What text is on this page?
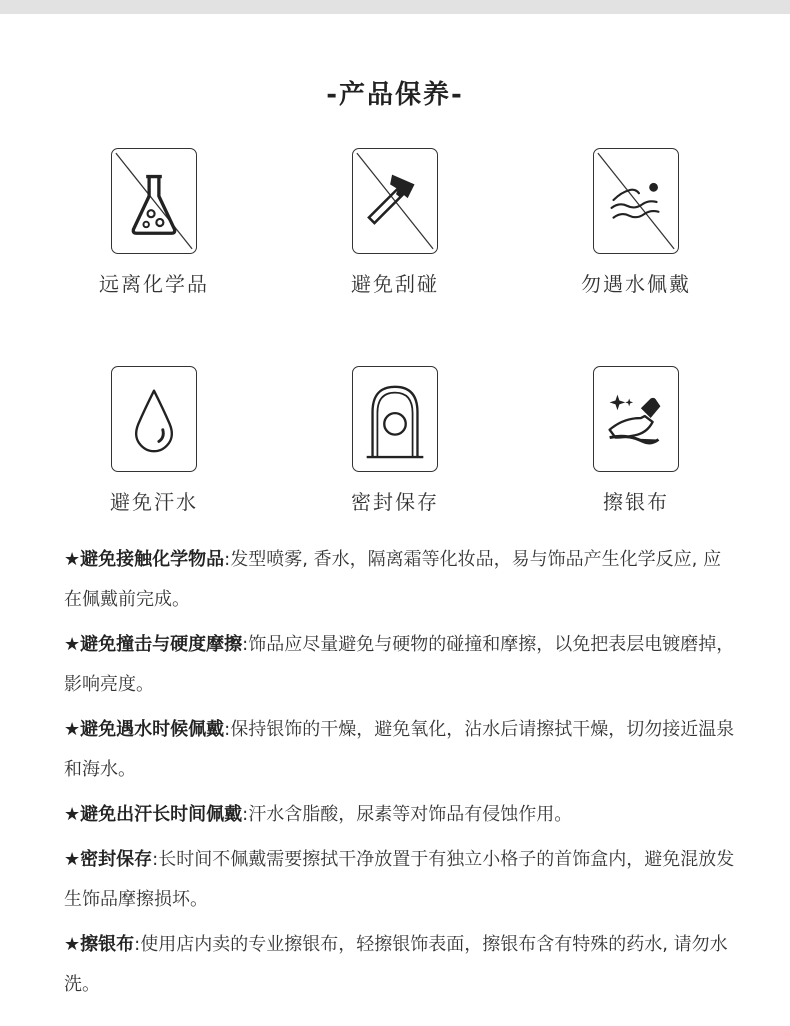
-产品保养-
远离化学品	避免刮碰	勿遇水佩戴
避免汗水	密封保存	擦银布

★避免接触化学物品:发型喷雾, 香水，隔离霜等化妆品，易与饰品产生化学反应, 应在佩戴前完成。

★避免撞击与硬度摩擦:饰品应尽量避免与硬物的碰撞和摩擦，以免把表层电镀磨掉，影响亮度。

★避免遇水时候佩戴:保持银饰的干燥，避免氧化，沾水后请擦拭干燥，切勿接近温泉和海水。

★避免出汗长时间佩戴:汗水含脂酸，尿素等对饰品有侵蚀作用。

★密封保存:长时间不佩戴需要擦拭干净放置于有独立小格子的首饰盒内，避免混放发生饰品摩擦损坏。

★擦银布:使用店内卖的专业擦银布，轻擦银饰表面，擦银布含有特殊的药水, 请勿水洗。
